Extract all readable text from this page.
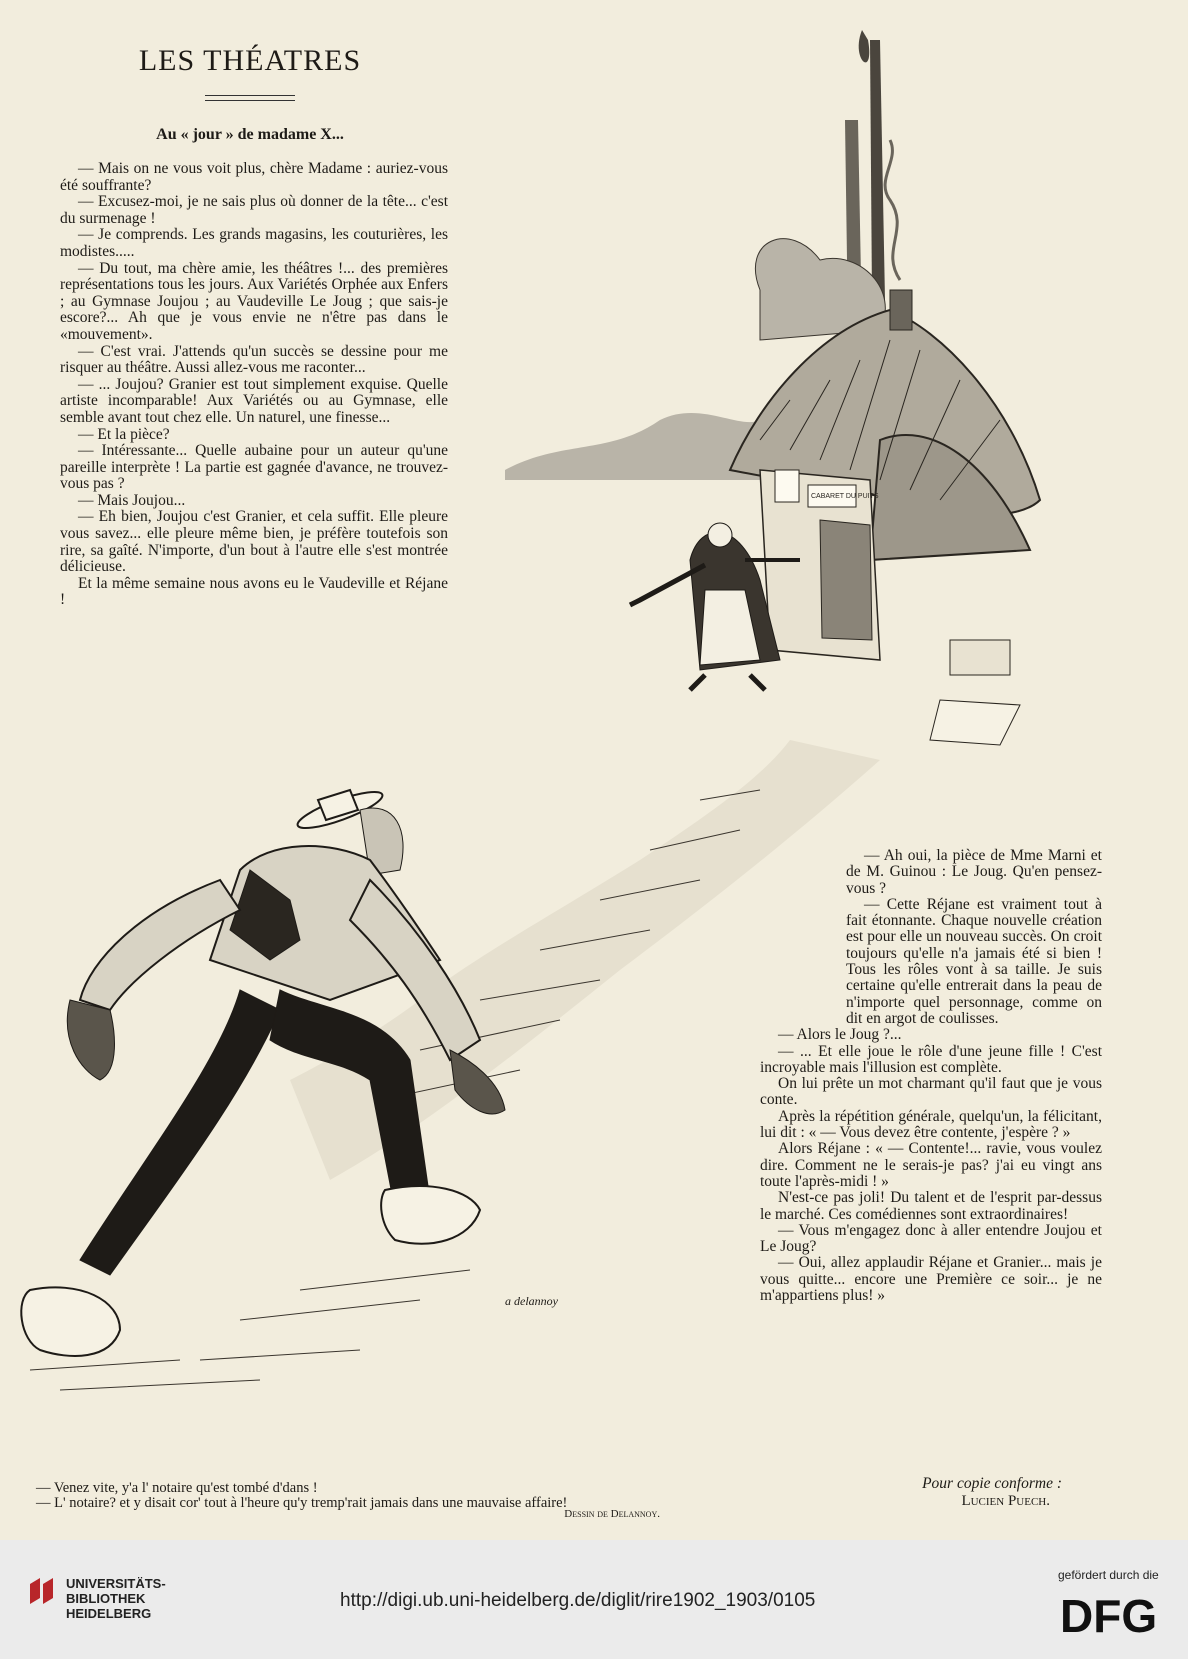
LES THÉATRES
Au « jour » de madame X...

— Mais on ne vous voit plus, chère Madame : auriez-vous été souffrante?

— Excusez-moi, je ne sais plus où donner de la tête... c'est du surmenage !

— Je comprends. Les grands magasins, les couturières, les modistes.....

— Du tout, ma chère amie, les théâtres !... des premières représentations tous les jours. Aux Variétés Orphée aux Enfers ; au Gymnase Joujou ; au Vaudeville Le Joug ; que sais-je escore?... Ah que je vous envie ne n'être pas dans le «mouvement».

— C'est vrai. J'attends qu'un succès se dessine pour me risquer au théâtre. Aussi allez-vous me raconter...

— ... Joujou? Granier est tout simplement exquise. Quelle artiste incomparable! Aux Variétés ou au Gymnase, elle semble avant tout chez elle. Un naturel, une finesse...

— Et la pièce?

— Intéressante... Quelle aubaine pour un auteur qu'une pareille interprète ! La partie est gagnée d'avance, ne trouvez-vous pas ?

— Mais Joujou...

— Eh bien, Joujou c'est Granier, et cela suffit. Elle pleure vous savez... elle pleure même bien, je préfère toutefois son rire, sa gaîté. N'importe, d'un bout à l'autre elle s'est montrée délicieuse.

Et la même semaine nous avons eu le Vaudeville et Réjane !

CABARET DU PUITS
a delannoy

— Ah oui, la pièce de Mme Marni et de M. Guinou : Le Joug. Qu'en pensez-vous ?

— Cette Réjane est vraiment tout à fait étonnante. Chaque nouvelle création est pour elle un nouveau succès. On croit toujours qu'elle n'a jamais été si bien ! Tous les rôles vont à sa taille. Je suis certaine qu'elle entrerait dans la peau de n'importe quel personnage, comme on dit en argot de coulisses.

— Alors le Joug ?...

— ... Et elle joue le rôle d'une jeune fille ! C'est incroyable mais l'illusion est complète.

On lui prête un mot charmant qu'il faut que je vous conte.

Après la répétition générale, quelqu'un, la félicitant, lui dit : « — Vous devez être contente, j'espère ? »

Alors Réjane : « — Contente!... ravie, vous voulez dire. Comment ne le serais-je pas? j'ai eu vingt ans toute l'après-midi ! »

N'est-ce pas joli! Du talent et de l'esprit par-dessus le marché. Ces comédiennes sont extraordinaires!

— Vous m'engagez donc à aller entendre Joujou et Le Joug?

— Oui, allez applaudir Réjane et Granier... mais je vous quitte... encore une Première ce soir... je ne m'appartiens plus! »

Pour copie conforme :
Lucien Puech.
— Venez vite, y'a l' notaire qu'est tombé d'dans !
— L' notaire? et y disait cor' tout à l'heure qu'y tremp'rait jamais dans une mauvaise affaire!
Dessin de Delannoy.
UNIVERSITÄTS-
BIBLIOTHEK
HEIDELBERG
http://digi.ub.uni-heidelberg.de/diglit/rire1902_1903/0105
gefördert durch die
DFG
